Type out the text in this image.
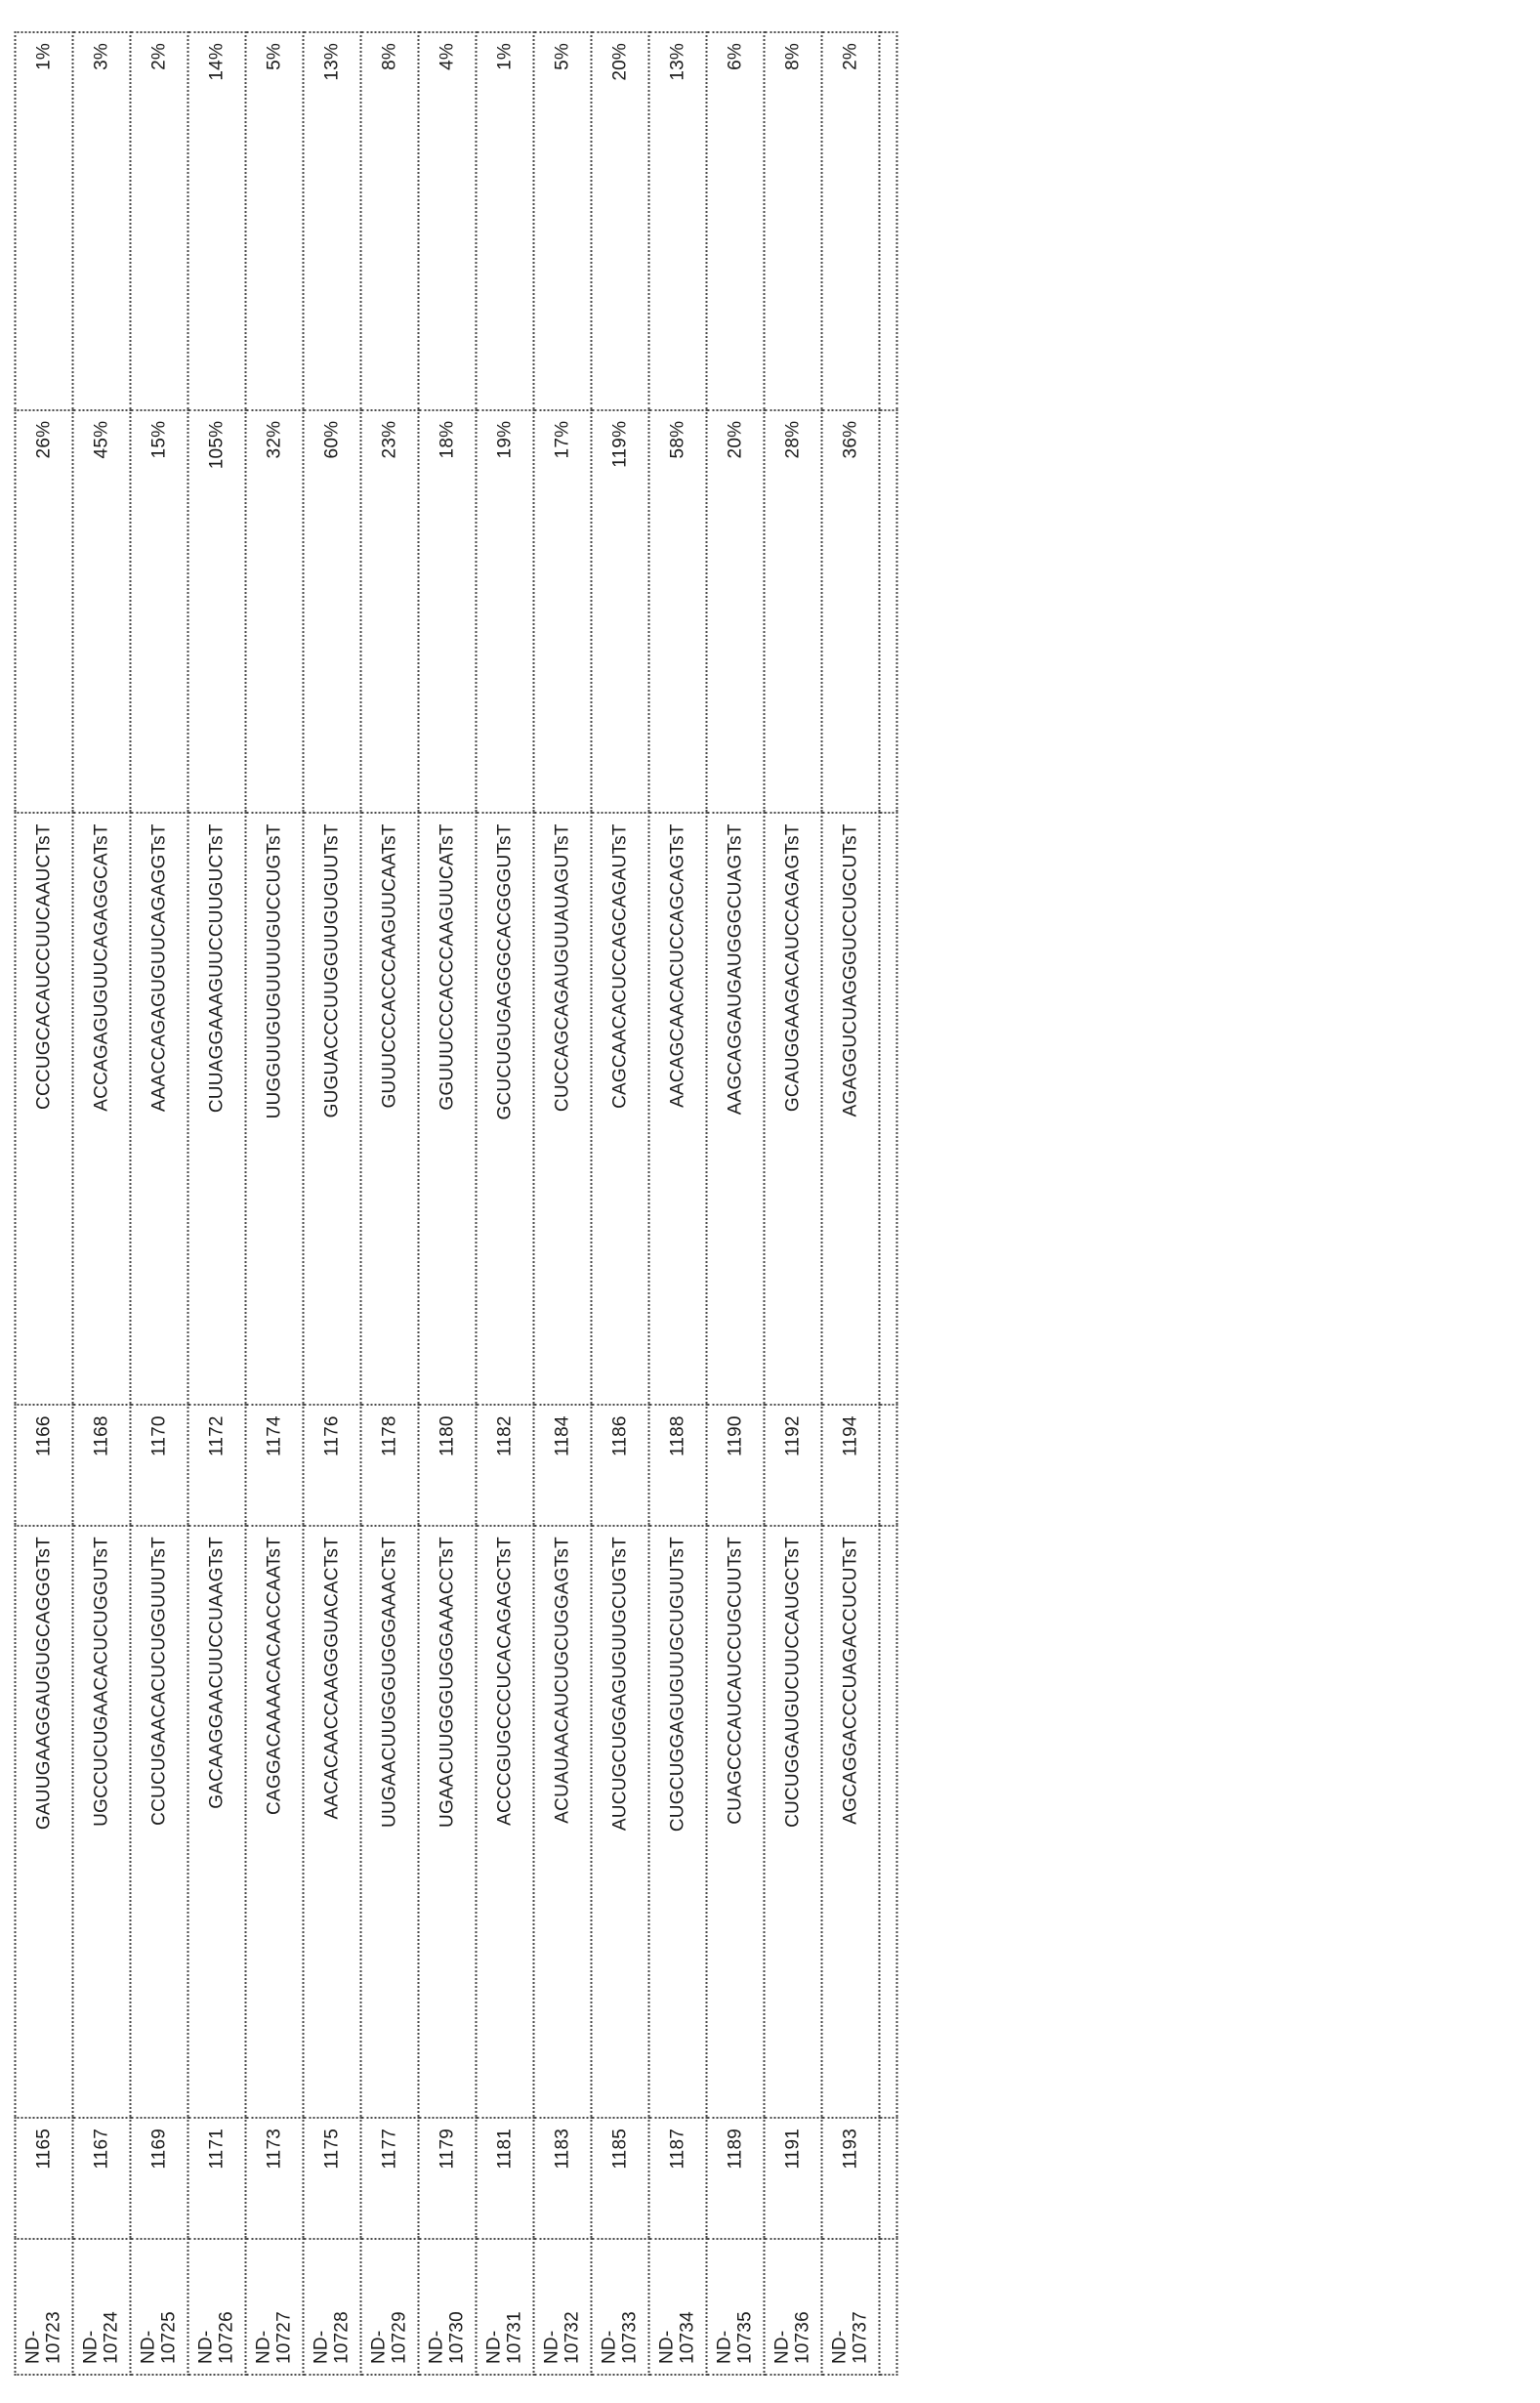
ND- 10723	1165	GAUUGAAGGAUGUGCAGGGTsT	1166	CCCUGCACAUCCUUCAAUCTsT	26%	1%

ND- 10724	1167	UGCCUCUGAACACUCUGGUTsT	1168	ACCAGAGUGUUCAGAGGCATsT	45%	3%

ND- 10725	1169	CCUCUGAACACUCUGGUUUTsT	1170	AAACCAGAGUGUUCAGAGGTsT	15%	2%

ND- 10726	1171	GACAAGGAACUUCCUAAGTsT	1172	CUUAGGAAAGUUCCUUGUCTsT	105%	14%

ND- 10727	1173	CAGGACAAAACACAACCAATsT	1174	UUGGUUGUGUUUUGUCCUGTsT	32%	5%

ND- 10728	1175	AACACAACCAAGGGUACACTsT	1176	GUGUACCCUUGGUUGUGUUTsT	60%	13%

ND- 10729	1177	UUGAACUUGGGUGGGAAACTsT	1178	GUUUCCCACCCAAGUUCAATsT	23%	8%

ND- 10730	1179	UGAACUUGGGUGGGAAACCTsT	1180	GGUUUCCCACCCAAGUUCATsT	18%	4%

ND- 10731	1181	ACCCGUGCCCUCACAGAGCTsT	1182	GCUCUGUGAGGGCACGGGUTsT	19%	1%

ND- 10732	1183	ACUAUAACAUCUGCUGGAGTsT	1184	CUCCAGCAGAUGUUAUAGUTsT	17%	5%

ND- 10733	1185	AUCUGCUGGAGUGUUGCUGTsT	1186	CAGCAACACUCCAGCAGAUTsT	119%	20%

ND- 10734	1187	CUGCUGGAGUGUUGCUGUUTsT	1188	AACAGCAACACUCCAGCAGTsT	58%	13%

ND- 10735	1189	CUAGCCCAUCAUCCUGCUUTsT	1190	AAGCAGGAUGAUGGGCUAGTsT	20%	6%

ND- 10736	1191	CUCUGGAUGUCUUCCAUGCTsT	1192	GCAUGGAAGACAUCCAGAGTsT	28%	8%

ND- 10737	1193	AGCAGGACCCUAGACCUCUTsT	1194	AGAGGUCUAGGGUCCUGCUTsT	36%	2%
